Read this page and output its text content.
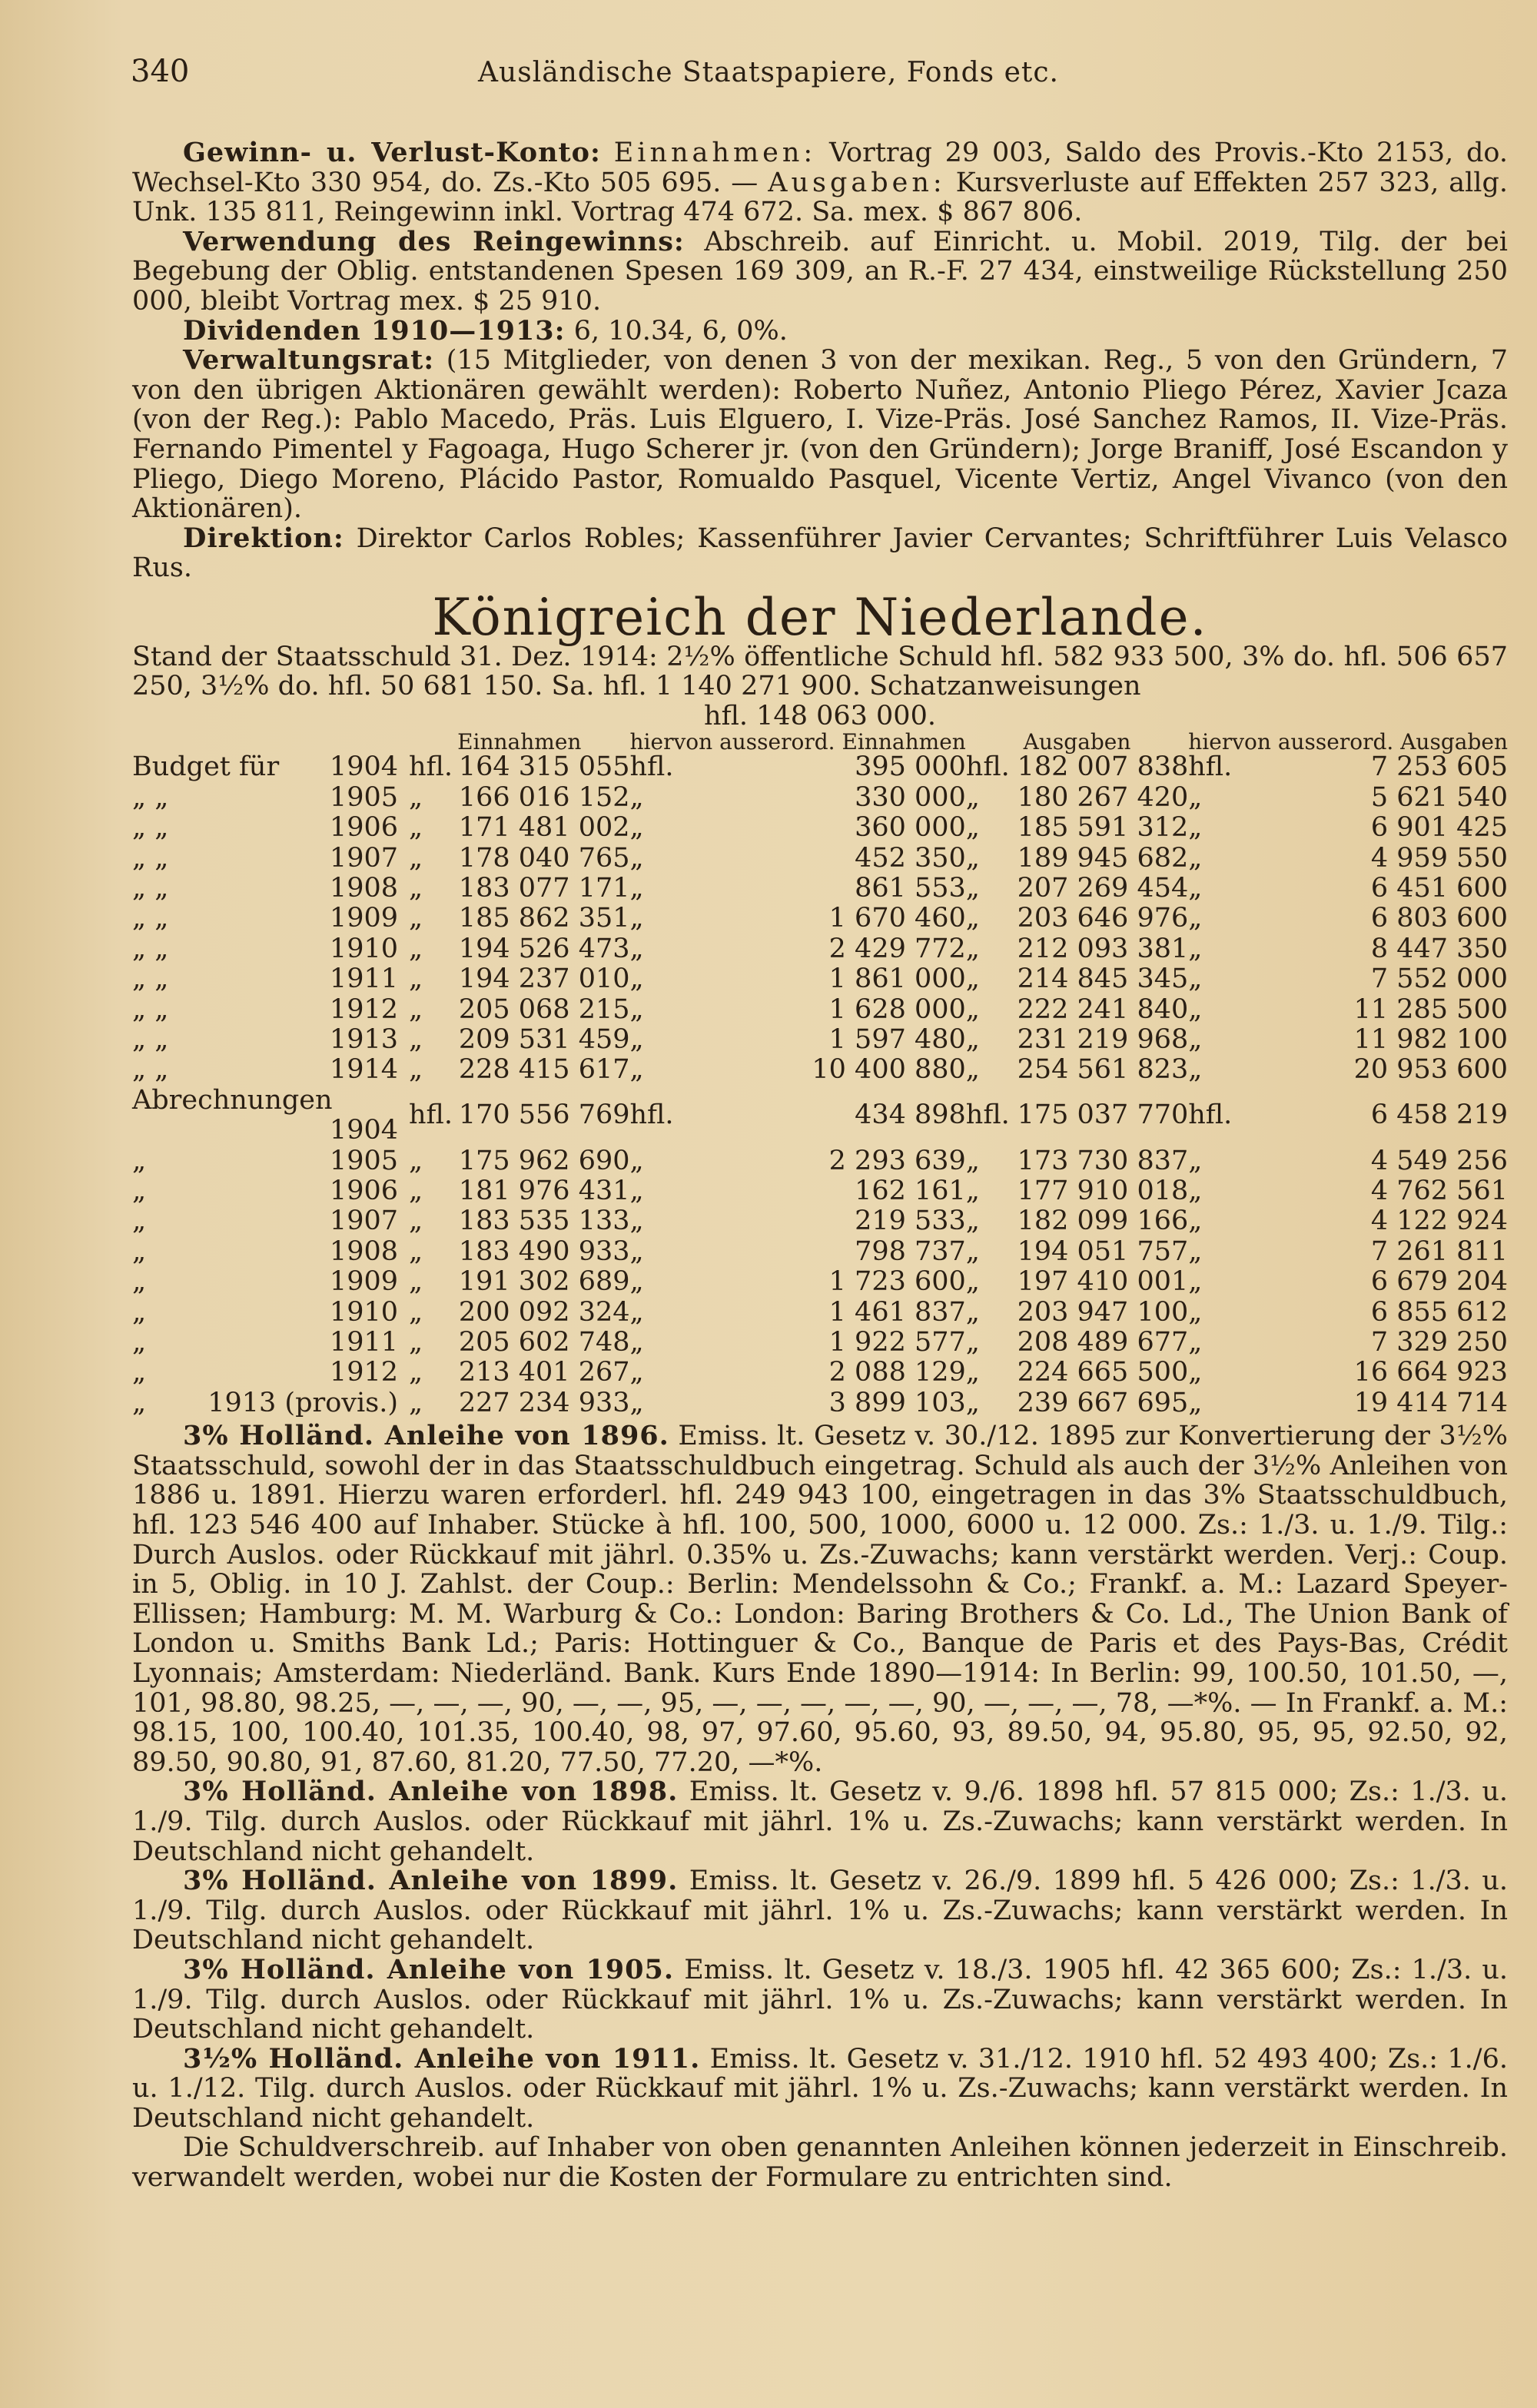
340	Ausländische Staatspapiere, Fonds etc.

Gewinn- u. Verlust-Konto: Einnahmen: Vortrag 29 003, Saldo des Provis.-Kto 2153, do. Wechsel-Kto 330 954, do. Zs.-Kto 505 695. — Ausgaben: Kursverluste auf Effekten 257 323, allg. Unk. 135 811, Reingewinn inkl. Vortrag 474 672. Sa. mex. $ 867 806.

Verwendung des Reingewinns: Abschreib. auf Einricht. u. Mobil. 2019, Tilg. der bei Begebung der Oblig. entstandenen Spesen 169 309, an R.-F. 27 434, einstweilige Rückstellung 250 000, bleibt Vortrag mex. $ 25 910.

Dividenden 1910—1913: 6, 10.34, 6, 0%.

Verwaltungsrat: (15 Mitglieder, von denen 3 von der mexikan. Reg., 5 von den Gründern, 7 von den übrigen Aktionären gewählt werden): Roberto Nuñez, Antonio Pliego Pérez, Xavier Jcaza (von der Reg.): Pablo Macedo, Präs. Luis Elguero, I. Vize-Präs. José Sanchez Ramos, II. Vize-Präs. Fernando Pimentel y Fagoaga, Hugo Scherer jr. (von den Gründern); Jorge Braniff, José Escandon y Pliego, Diego Moreno, Plácido Pastor, Romualdo Pasquel, Vicente Vertiz, Angel Vivanco (von den Aktionären).

Direktion: Direktor Carlos Robles; Kassenführer Javier Cervantes; Schriftführer Luis Velasco Rus.

Königreich der Niederlande.

Stand der Staatsschuld 31. Dez. 1914: 2½% öffentliche Schuld hfl. 582 933 500, 3% do. hfl. 506 657 250, 3½% do. hfl. 50 681 150. Sa. hfl. 1 140 271 900. Schatzanweisungen

hfl. 148 063 000.

	Einnahmen		hiervon ausserord. Einnahmen		Ausgaben		hiervon ausserord. Ausgaben	
Budget für 1904	hfl.	164 315 055	hfl.	395 000	hfl.	182 007 838	hfl.	7 253 605
„ „ 1905	„	166 016 152	„	330 000	„	180 267 420	„	5 621 540
„ „ 1906	„	171 481 002	„	360 000	„	185 591 312	„	6 901 425
„ „ 1907	„	178 040 765	„	452 350	„	189 945 682	„	4 959 550
„ „ 1908	„	183 077 171	„	861 553	„	207 269 454	„	6 451 600
„ „ 1909	„	185 862 351	„	1 670 460	„	203 646 976	„	6 803 600
„ „ 1910	„	194 526 473	„	2 429 772	„	212 093 381	„	8 447 350
„ „ 1911	„	194 237 010	„	1 861 000	„	214 845 345	„	7 552 000
„ „ 1912	„	205 068 215	„	1 628 000	„	222 241 840	„	11 285 500
„ „ 1913	„	209 531 459	„	1 597 480	„	231 219 968	„	11 982 100
„ „ 1914	„	228 415 617	„	10 400 880	„	254 561 823	„	20 953 600
Abrechnungen
1904	hfl.	170 556 769	hfl.	434 898	hfl.	175 037 770	hfl.	6 458 219
„ 1905	„	175 962 690	„	2 293 639	„	173 730 837	„	4 549 256
„ 1906	„	181 976 431	„	162 161	„	177 910 018	„	4 762 561
„ 1907	„	183 535 133	„	219 533	„	182 099 166	„	4 122 924
„ 1908	„	183 490 933	„	798 737	„	194 051 757	„	7 261 811
„ 1909	„	191 302 689	„	1 723 600	„	197 410 001	„	6 679 204
„ 1910	„	200 092 324	„	1 461 837	„	203 947 100	„	6 855 612
„ 1911	„	205 602 748	„	1 922 577	„	208 489 677	„	7 329 250
„ 1912	„	213 401 267	„	2 088 129	„	224 665 500	„	16 664 923
„ 1913 (provis.)	„	227 234 933	„	3 899 103	„	239 667 695	„	19 414 714

3% Holländ. Anleihe von 1896. Emiss. lt. Gesetz v. 30./12. 1895 zur Konvertierung der 3½% Staatsschuld, sowohl der in das Staatsschuldbuch eingetrag. Schuld als auch der 3½% Anleihen von 1886 u. 1891. Hierzu waren erforderl. hfl. 249 943 100, eingetragen in das 3% Staatsschuldbuch, hfl. 123 546 400 auf Inhaber. Stücke à hfl. 100, 500, 1000, 6000 u. 12 000. Zs.: 1./3. u. 1./9. Tilg.: Durch Auslos. oder Rückkauf mit jährl. 0.35% u. Zs.-Zuwachs; kann verstärkt werden. Verj.: Coup. in 5, Oblig. in 10 J. Zahlst. der Coup.: Berlin: Mendelssohn & Co.; Frankf. a. M.: Lazard Speyer-Ellissen; Hamburg: M. M. Warburg & Co.: London: Baring Brothers & Co. Ld., The Union Bank of London u. Smiths Bank Ld.; Paris: Hottinguer & Co., Banque de Paris et des Pays-Bas, Crédit Lyonnais; Amsterdam: Niederländ. Bank. Kurs Ende 1890—1914: In Berlin: 99, 100.50, 101.50, —, 101, 98.80, 98.25, —, —, —, 90, —, —, 95, —, —, —, —, —, 90, —, —, —, 78, —*%. — In Frankf. a. M.: 98.15, 100, 100.40, 101.35, 100.40, 98, 97, 97.60, 95.60, 93, 89.50, 94, 95.80, 95, 95, 92.50, 92, 89.50, 90.80, 91, 87.60, 81.20, 77.50, 77.20, —*%.

3% Holländ. Anleihe von 1898. Emiss. lt. Gesetz v. 9./6. 1898 hfl. 57 815 000; Zs.: 1./3. u. 1./9. Tilg. durch Auslos. oder Rückkauf mit jährl. 1% u. Zs.-Zuwachs; kann verstärkt werden. In Deutschland nicht gehandelt.

3% Holländ. Anleihe von 1899. Emiss. lt. Gesetz v. 26./9. 1899 hfl. 5 426 000; Zs.: 1./3. u. 1./9. Tilg. durch Auslos. oder Rückkauf mit jährl. 1% u. Zs.-Zuwachs; kann verstärkt werden. In Deutschland nicht gehandelt.

3% Holländ. Anleihe von 1905. Emiss. lt. Gesetz v. 18./3. 1905 hfl. 42 365 600; Zs.: 1./3. u. 1./9. Tilg. durch Auslos. oder Rückkauf mit jährl. 1% u. Zs.-Zuwachs; kann verstärkt werden. In Deutschland nicht gehandelt.

3½% Holländ. Anleihe von 1911. Emiss. lt. Gesetz v. 31./12. 1910 hfl. 52 493 400; Zs.: 1./6. u. 1./12. Tilg. durch Auslos. oder Rückkauf mit jährl. 1% u. Zs.-Zuwachs; kann verstärkt werden. In Deutschland nicht gehandelt.

Die Schuldverschreib. auf Inhaber von oben genannten Anleihen können jederzeit in Einschreib. verwandelt werden, wobei nur die Kosten der Formulare zu entrichten sind.
